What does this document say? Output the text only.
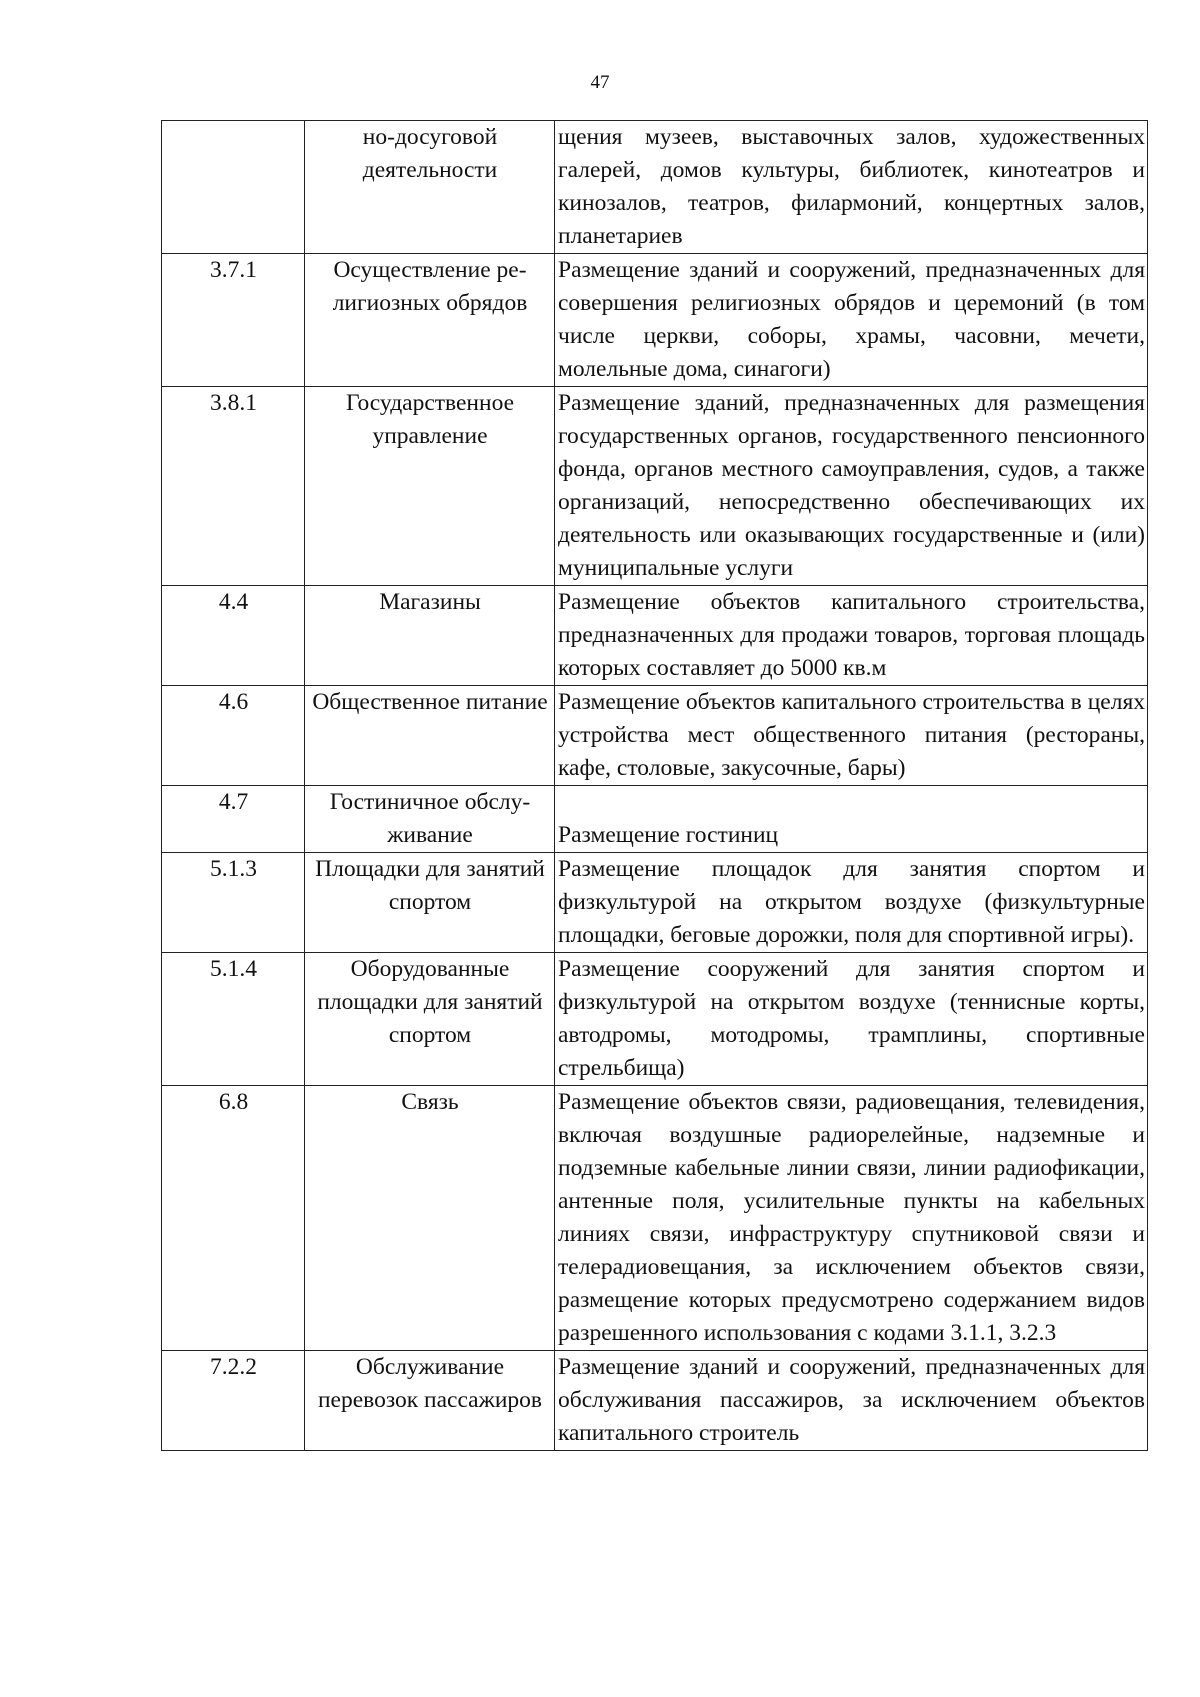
47
	но-досуговой деятельности	щения музеев, выставочных залов, художественных галерей, домов культуры, библиотек, кинотеатров и кинозалов, театров, филармоний, концертных залов, планетариев
3.7.1	Осуществление религиозных обрядов	Размещение зданий и сооружений, предназначенных для совершения религиозных обрядов и церемоний (в том числе церкви, соборы, храмы, часовни, мечети, молельные дома, синагоги)
3.8.1	Государственное управление	Размещение зданий, предназначенных для размещения государственных органов, государственного пенсионного фонда, органов местного самоуправления, судов, а также организаций, непосредственно обеспечивающих их деятельность или оказывающих государственные и (или) муниципальные услуги
4.4	Магазины	Размещение объектов капитального строительства, предназначенных для продажи товаров, торговая площадь которых составляет до 5000 кв.м
4.6	Общественное питание	Размещение объектов капитального строительства в целях устройства мест общественного питания (рестораны, кафе, столовые, закусочные, бары)
4.7	Гостиничное обслуживание	Размещение гостиниц
5.1.3	Площадки для занятий спортом	Размещение площадок для занятия спортом и физкультурой на открытом воздухе (физкультурные площадки, беговые дорожки, поля для спортивной игры).
5.1.4	Оборудованные площадки для занятий спортом	Размещение сооружений для занятия спортом и физкультурой на открытом воздухе (теннисные корты, автодромы, мотодромы, трамплины, спортивные стрельбища)
6.8	Связь	Размещение объектов связи, радиовещания, телевидения, включая воздушные радиорелейные, надземные и подземные кабельные линии связи, линии радиофикации, антенные поля, усилительные пункты на кабельных линиях связи, инфраструктуру спутниковой связи и телерадиовещания, за исключением объектов связи, размещение которых предусмотрено содержанием видов разрешенного использования с кодами 3.1.1, 3.2.3
7.2.2	Обслуживание перевозок пассажиров	Размещение зданий и сооружений, предназначенных для обслуживания пассажиров, за исключением объектов капитального строитель
